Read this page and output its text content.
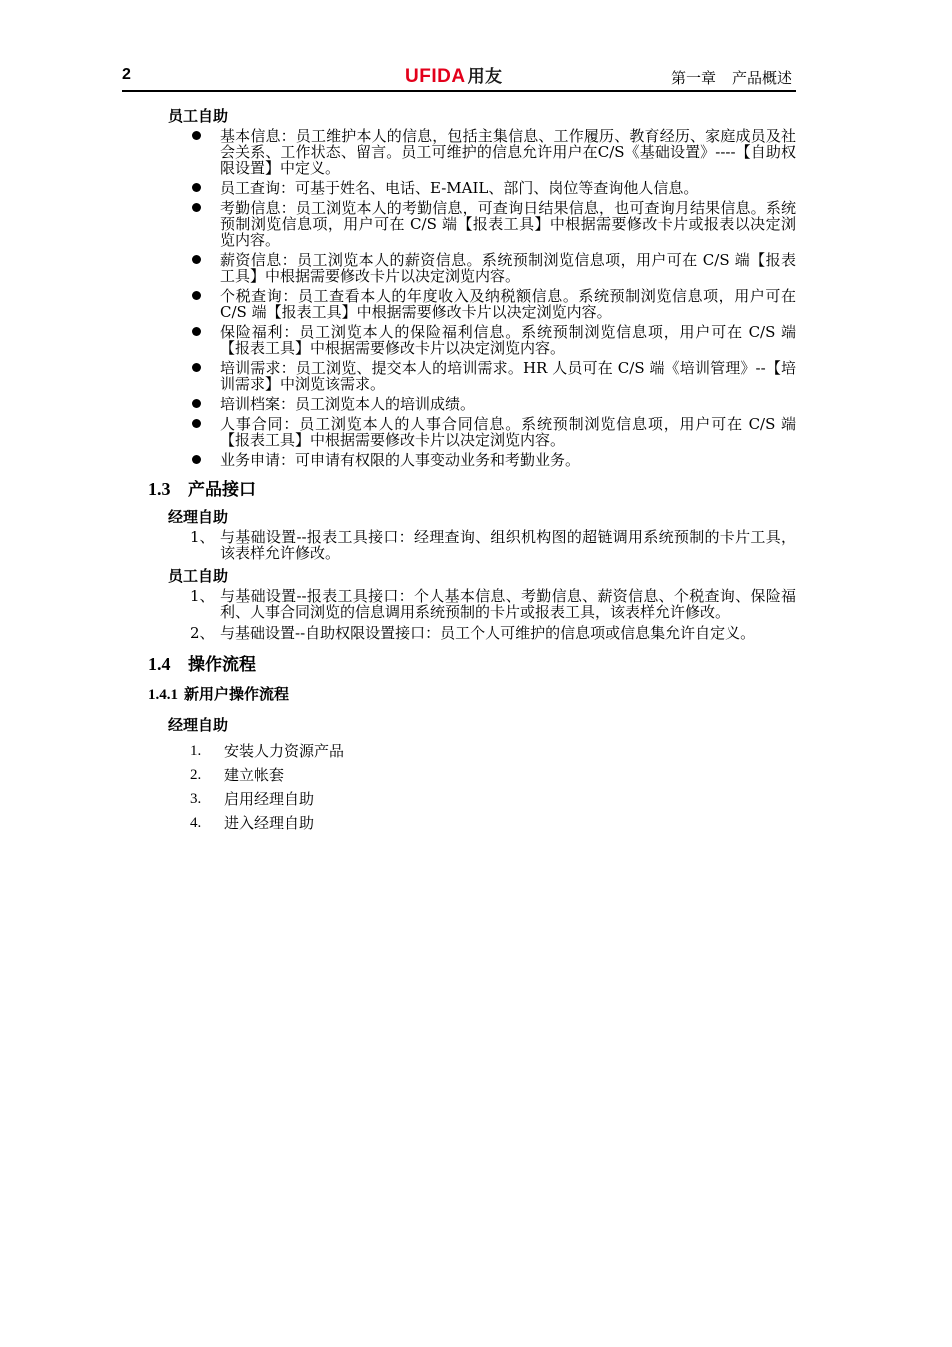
2	UFIDA 用友	第一章 产品概述
员工自助
基本信息：员工维护本人的信息，包括主集信息、工作履历、教育经历、家庭成员及社会关系、工作状态、留言。员工可维护的信息允许用户在C/S《基础设置》----【自助权限设置】中定义。
员工查询：可基于姓名、电话、E-MAIL、部门、岗位等查询他人信息。
考勤信息：员工浏览本人的考勤信息，可查询日结果信息，也可查询月结果信息。系统预制浏览信息项，用户可在 C/S 端【报表工具】中根据需要修改卡片或报表以决定浏览内容。
薪资信息：员工浏览本人的薪资信息。系统预制浏览信息项，用户可在 C/S 端【报表工具】中根据需要修改卡片以决定浏览内容。
个税查询：员工查看本人的年度收入及纳税额信息。系统预制浏览信息项，用户可在 C/S 端【报表工具】中根据需要修改卡片以决定浏览内容。
保险福利：员工浏览本人的保险福利信息。系统预制浏览信息项，用户可在 C/S 端【报表工具】中根据需要修改卡片以决定浏览内容。
培训需求：员工浏览、提交本人的培训需求。HR 人员可在 C/S 端《培训管理》--【培训需求】中浏览该需求。
培训档案：员工浏览本人的培训成绩。
人事合同：员工浏览本人的人事合同信息。系统预制浏览信息项，用户可在 C/S 端【报表工具】中根据需要修改卡片以决定浏览内容。
业务申请：可申请有权限的人事变动业务和考勤业务。
1.3 产品接口
经理自助
1、 与基础设置--报表工具接口：经理查询、组织机构图的超链调用系统预制的卡片工具，该表样允许修改。
员工自助
1、 与基础设置--报表工具接口：个人基本信息、考勤信息、薪资信息、个税查询、保险福利、人事合同浏览的信息调用系统预制的卡片或报表工具，该表样允许修改。
2、 与基础设置--自助权限设置接口：员工个人可维护的信息项或信息集允许自定义。
1.4 操作流程
1.4.1 新用户操作流程
经理自助
1. 安装人力资源产品
2. 建立帐套
3. 启用经理自助
4. 进入经理自助
